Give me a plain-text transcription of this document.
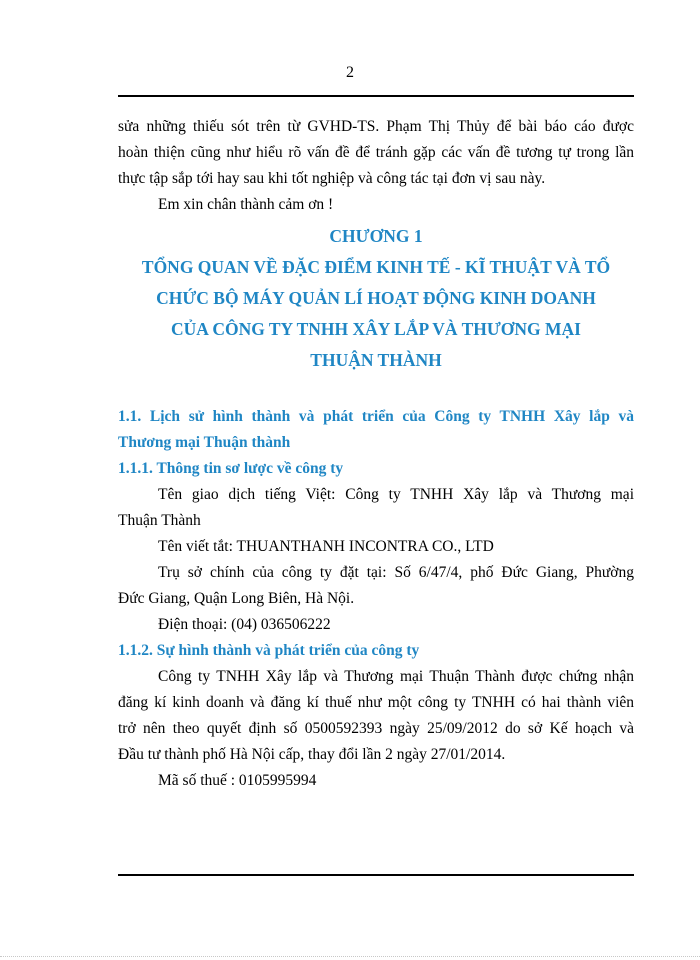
2
sửa những thiếu sót trên từ GVHD-TS. Phạm Thị Thủy để bài báo cáo được
hoàn thiện cũng như hiểu rõ vấn đề để tránh gặp các vấn đề tương tự trong lần
thực tập sắp tới hay sau khi tốt nghiệp và công tác tại đơn vị sau này.
Em xin chân thành cảm ơn !
CHƯƠNG 1
TỔNG QUAN VỀ ĐẶC ĐIỂM KINH TẾ - KĨ THUẬT VÀ TỔ
CHỨC BỘ MÁY QUẢN LÍ HOẠT ĐỘNG KINH DOANH
CỦA CÔNG TY TNHH XÂY LẮP VÀ THƯƠNG MẠI
THUẬN THÀNH
1.1. Lịch sử hình thành và phát triển của Công ty TNHH Xây lắp và
Thương mại Thuận thành
1.1.1. Thông tin sơ lược về công ty
Tên giao dịch tiếng Việt: Công ty TNHH Xây lắp và Thương mại
Thuận Thành
Tên viết tắt: THUANTHANH INCONTRA CO., LTD
Trụ sở chính của công ty đặt tại: Số 6/47/4, phố Đức Giang, Phường
Đức Giang, Quận Long Biên, Hà Nội.
Điện thoại: (04) 036506222
1.1.2. Sự hình thành và phát triển của công ty
Công ty TNHH Xây lắp và Thương mại Thuận Thành được chứng nhận
đăng kí kinh doanh và đăng kí thuế như một công ty TNHH có hai thành viên
trở nên theo quyết định số 0500592393 ngày 25/09/2012 do sở Kế hoạch và
Đầu tư thành phố Hà Nội cấp, thay đổi lần 2 ngày 27/01/2014.
Mã số thuế : 0105995994
